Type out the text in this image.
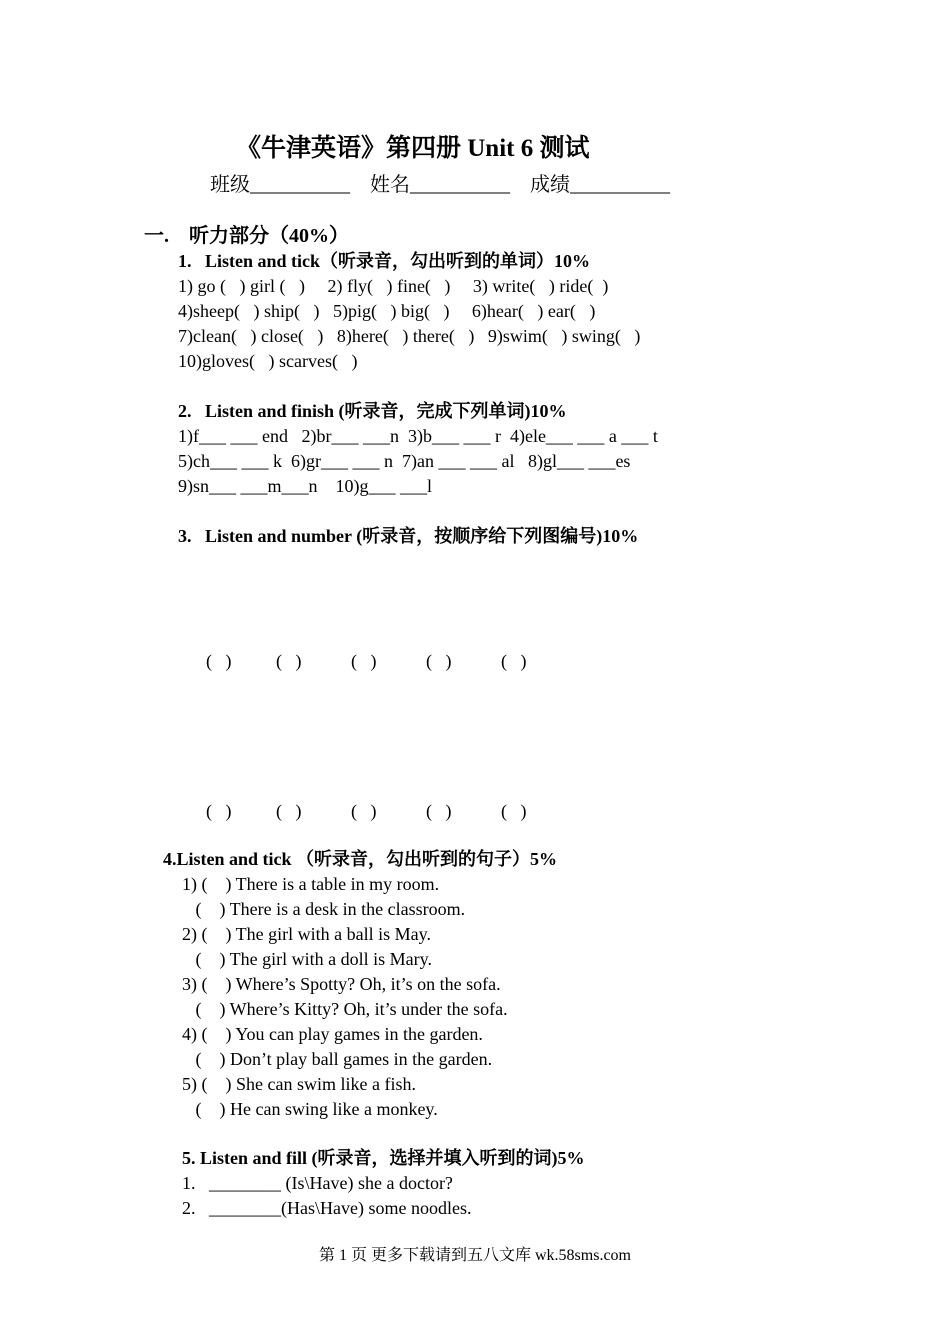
《牛津英语》第四册 Unit 6 测试
班级__________    姓名__________    成绩__________
一.    听力部分（40%）
1.   Listen and tick（听录音，勾出听到的单词）10%
1) go (   ) girl (   )     2) fly(   ) fine(   )     3) write(   ) ride(  )
4)sheep(   ) ship(   )   5)pig(   ) big(   )     6)hear(   ) ear(   )
7)clean(   ) close(   )   8)here(   ) there(   )   9)swim(   ) swing(   )
10)gloves(   ) scarves(   )
2.   Listen and finish (听录音，完成下列单词)10%
1)f___ ___ end   2)br___ ___n  3)b___ ___ r  4)ele___ ___ a ___ t
5)ch___ ___ k  6)gr___ ___ n  7)an ___ ___ al   8)gl___ ___es
9)sn___ ___m___n    10)g___ ___l
3.   Listen and number (听录音，按顺序给下列图编号)10%
(   ) (   )	(   )	(   )	(   )
(   ) (   )	(   )	(   )	(   )
4.Listen and tick （听录音，勾出听到的句子）5%
1) (    ) There is a table in my room.
(    ) There is a desk in the classroom.
2) (    ) The girl with a ball is May.
(    ) The girl with a doll is Mary.
3) (    ) Where’s Spotty? Oh, it’s on the sofa.
(    ) Where’s Kitty? Oh, it’s under the sofa.
4) (    ) You can play games in the garden.
(    ) Don’t play ball games in the garden.
5) (    ) She can swim like a fish.
(    ) He can swing like a monkey.
5. Listen and fill (听录音，选择并填入听到的词)5%
1.   ________ (Is\Have) she a doctor?
2.   ________(Has\Have) some noodles.
第 1 页 更多下载请到五八文库 wk.58sms.com
